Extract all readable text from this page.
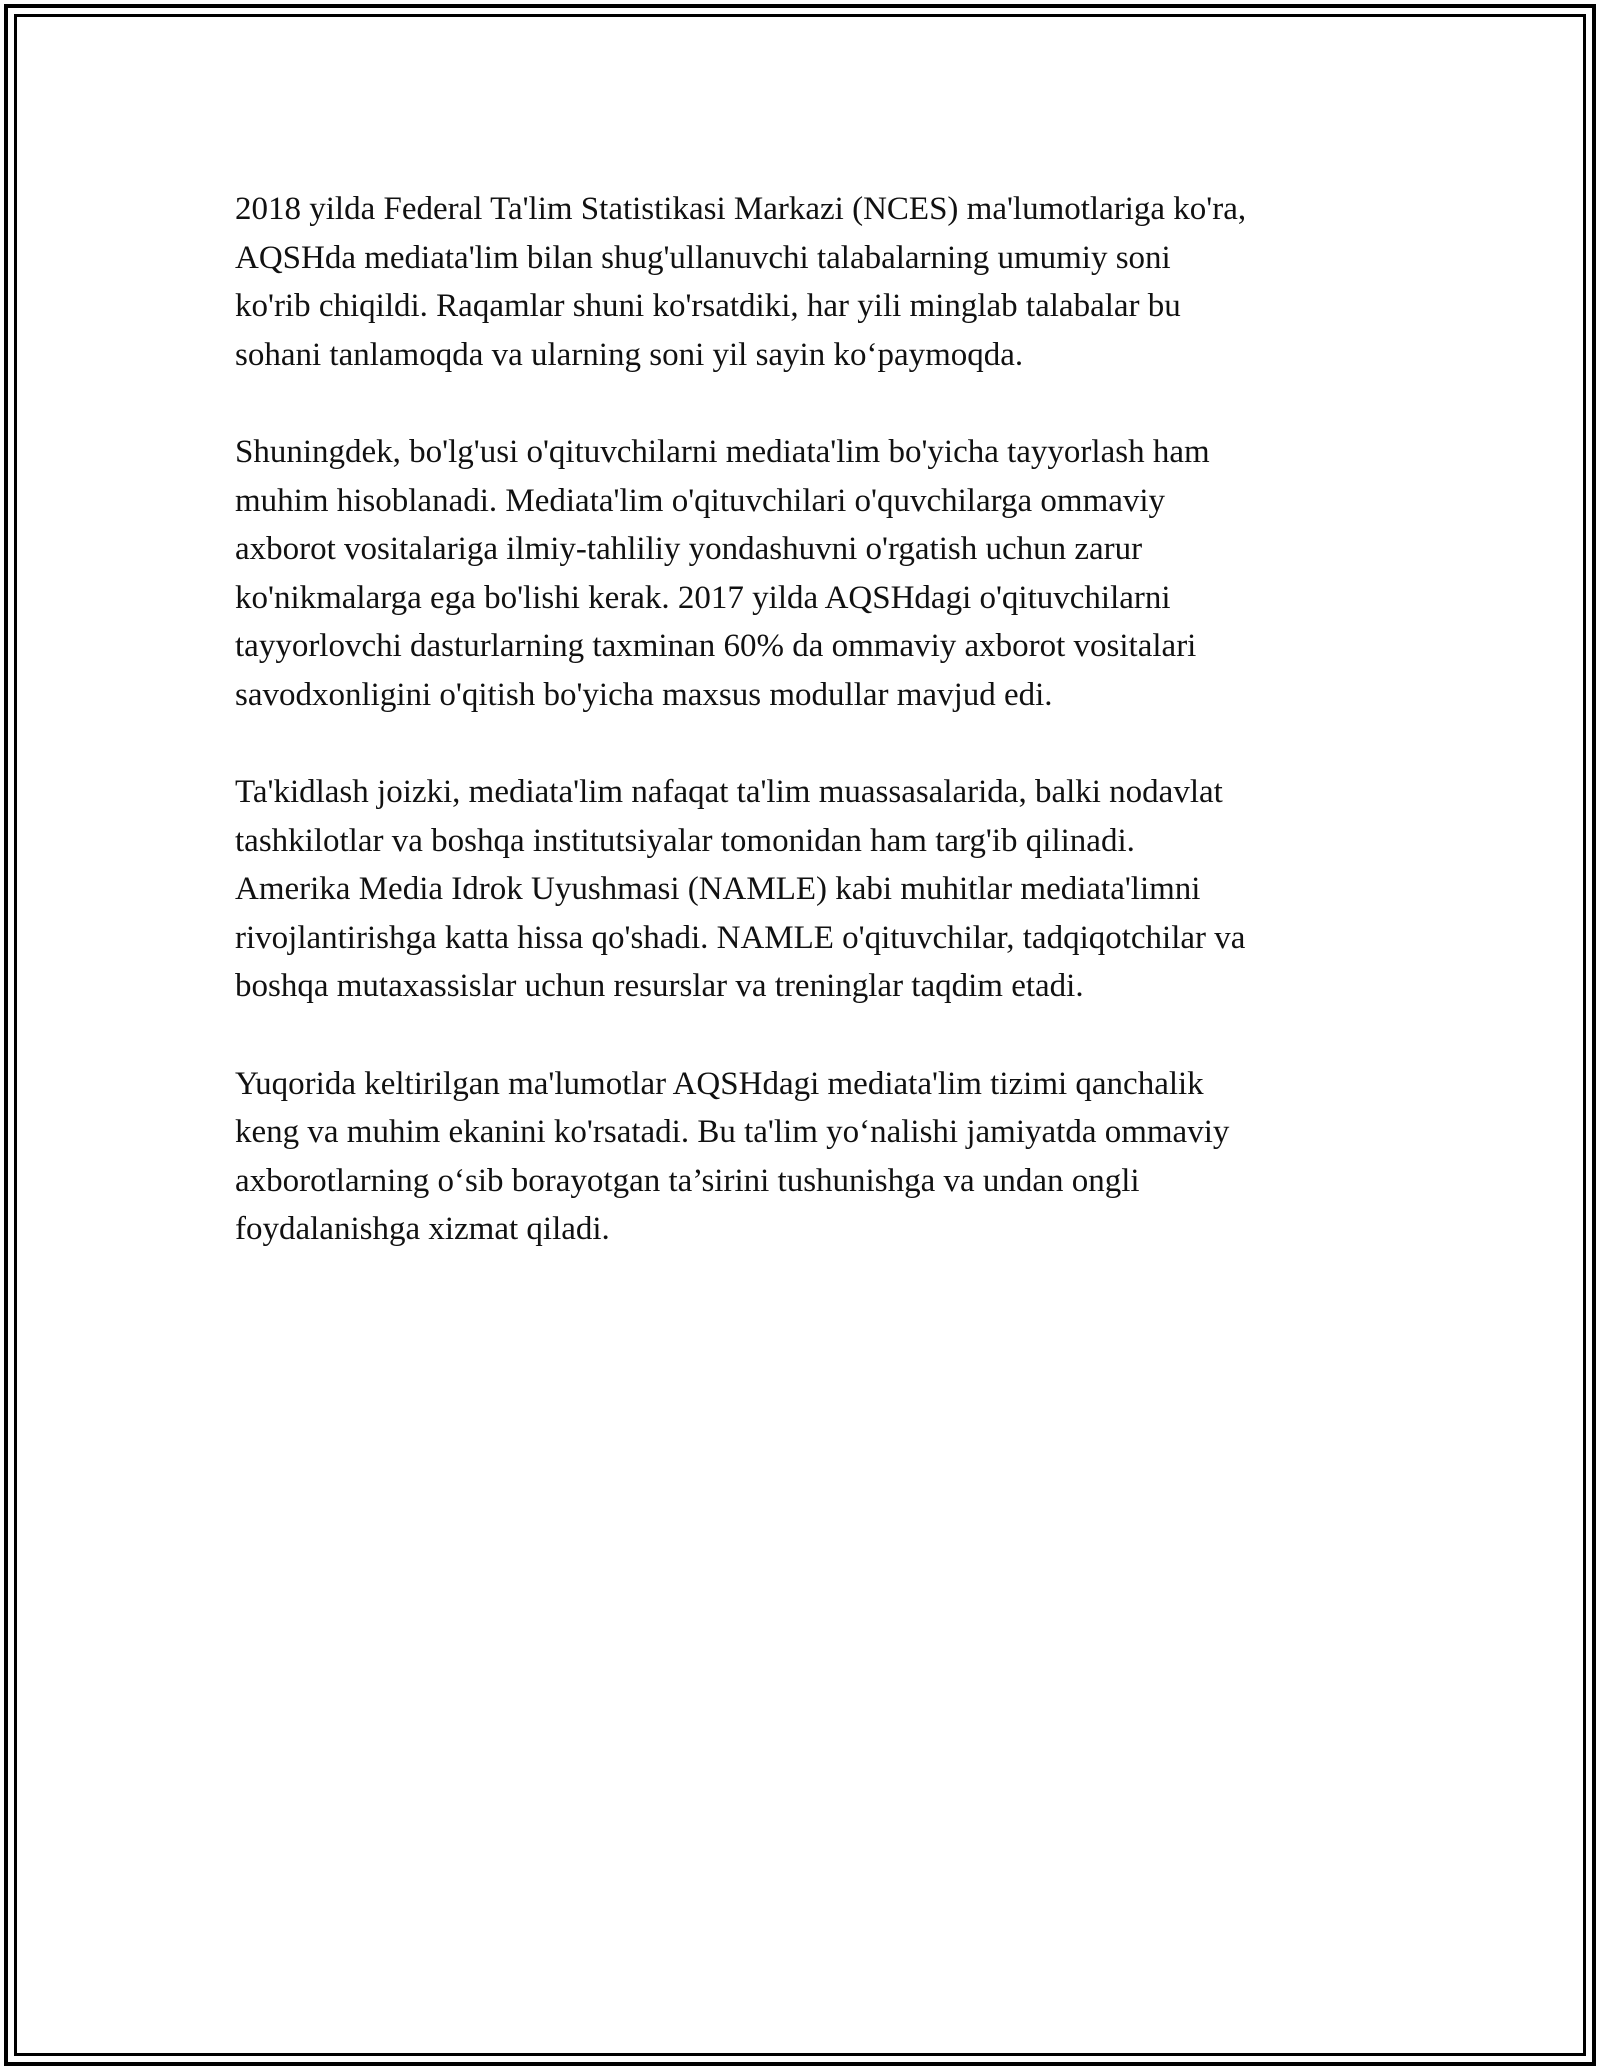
2018 yilda Federal Ta'lim Statistikasi Markazi (NCES) ma'lumotlariga ko'ra,
AQSHda mediata'lim bilan shug'ullanuvchi talabalarning umumiy soni
ko'rib chiqildi. Raqamlar shuni ko'rsatdiki, har yili minglab talabalar bu
sohani tanlamoqda va ularning soni yil sayin ko‘paymoqda.

Shuningdek, bo'lg'usi o'qituvchilarni mediata'lim bo'yicha tayyorlash ham
muhim hisoblanadi. Mediata'lim o'qituvchilari o'quvchilarga ommaviy
axborot vositalariga ilmiy-tahliliy yondashuvni o'rgatish uchun zarur
ko'nikmalarga ega bo'lishi kerak. 2017 yilda AQSHdagi o'qituvchilarni
tayyorlovchi dasturlarning taxminan 60% da ommaviy axborot vositalari
savodxonligini o'qitish bo'yicha maxsus modullar mavjud edi.

Ta'kidlash joizki, mediata'lim nafaqat ta'lim muassasalarida, balki nodavlat
tashkilotlar va boshqa institutsiyalar tomonidan ham targ'ib qilinadi.
Amerika Media Idrok Uyushmasi (NAMLE) kabi muhitlar mediata'limni
rivojlantirishga katta hissa qo'shadi. NAMLE o'qituvchilar, tadqiqotchilar va
boshqa mutaxassislar uchun resurslar va treninglar taqdim etadi.

Yuqorida keltirilgan ma'lumotlar AQSHdagi mediata'lim tizimi qanchalik
keng va muhim ekanini ko'rsatadi. Bu ta'lim yo‘nalishi jamiyatda ommaviy
axborotlarning o‘sib borayotgan ta’sirini tushunishga va undan ongli
foydalanishga xizmat qiladi.
